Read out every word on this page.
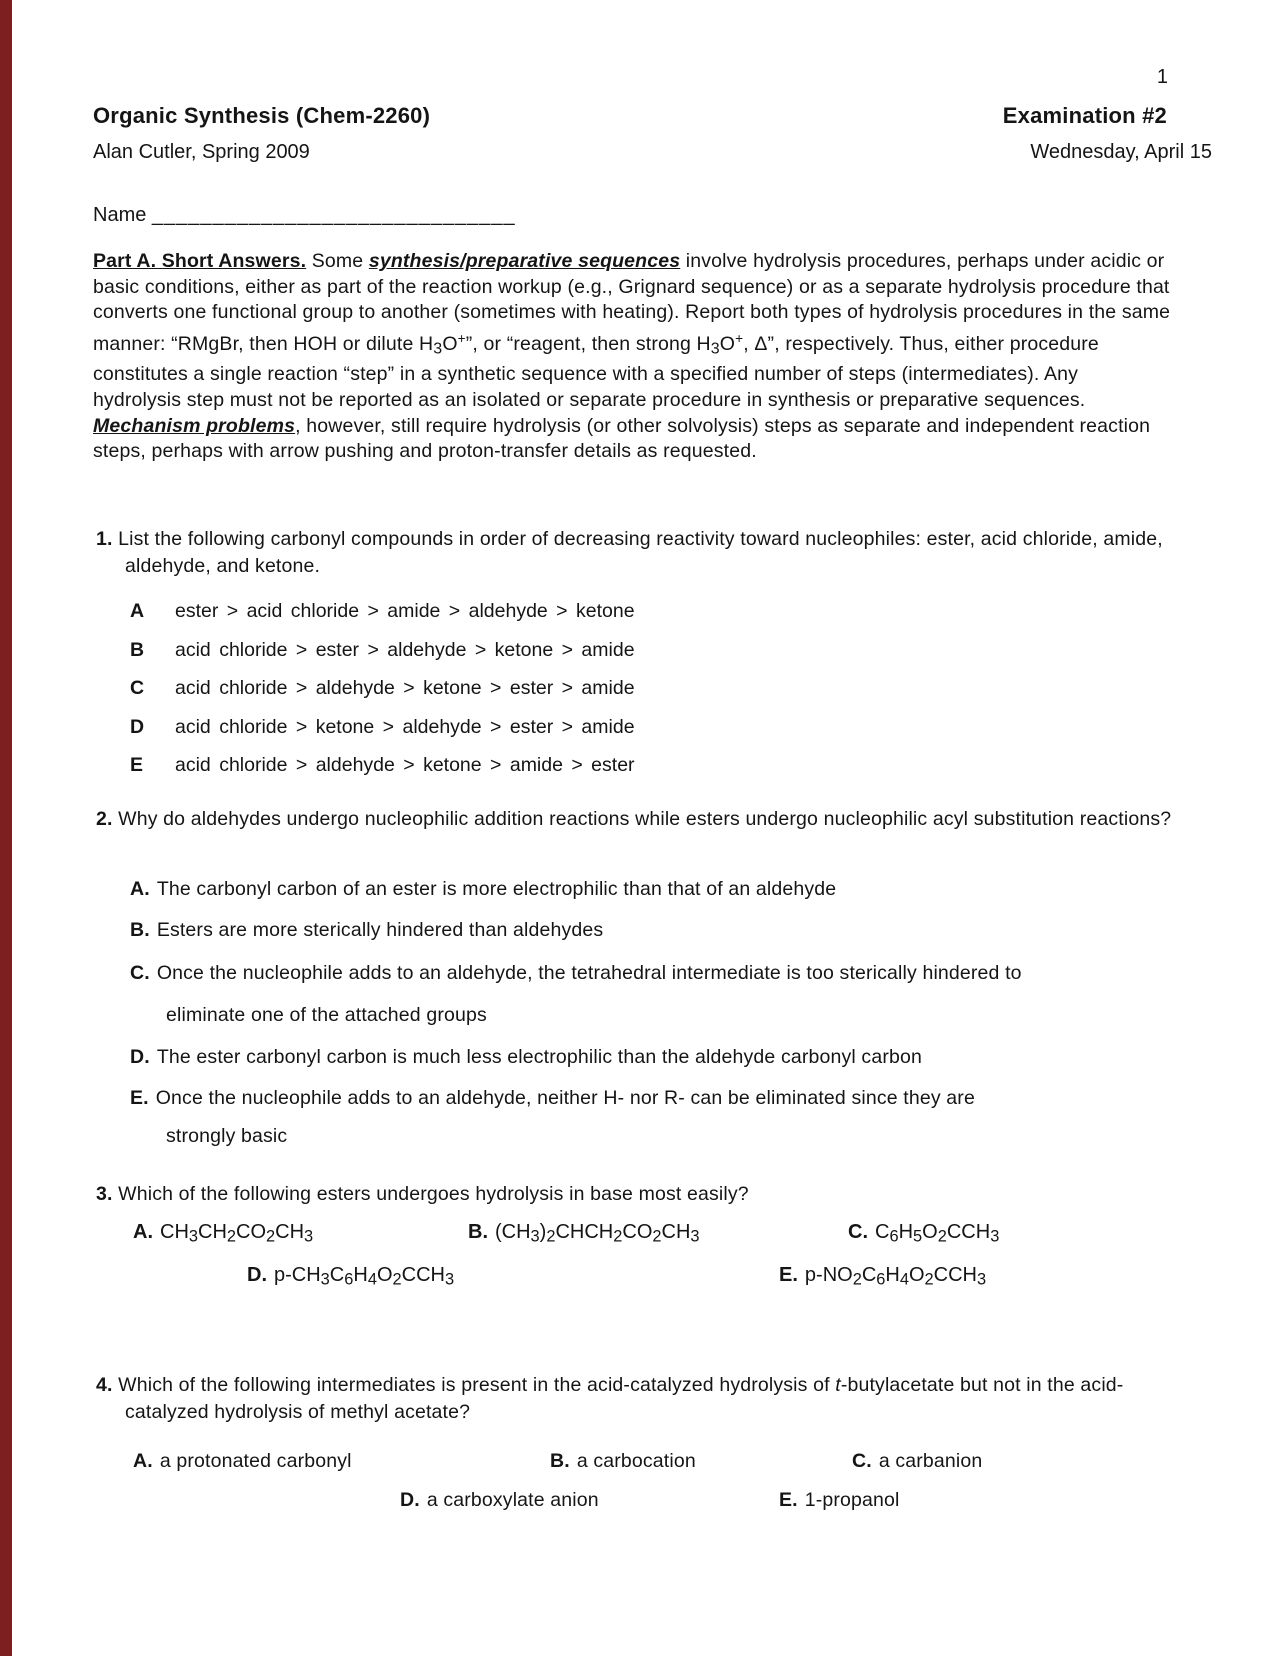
1
Organic Synthesis (Chem-2260)	Examination #2
Alan Cutler, Spring 2009	Wednesday, April 15
Name ______________________________
Part A. Short Answers. Some synthesis/preparative sequences involve hydrolysis procedures, perhaps under acidic or basic conditions, either as part of the reaction workup (e.g., Grignard sequence) or as a separate hydrolysis procedure that converts one functional group to another (sometimes with heating). Report both types of hydrolysis procedures in the same manner: “RMgBr, then HOH or dilute H3O+”, or “reagent, then strong H3O+, Δ”, respectively. Thus, either procedure constitutes a single reaction “step” in a synthetic sequence with a specified number of steps (intermediates). Any hydrolysis step must not be reported as an isolated or separate procedure in synthesis or preparative sequences. Mechanism problems, however, still require hydrolysis (or other solvolysis) steps as separate and independent reaction steps, perhaps with arrow pushing and proton-transfer details as requested.
1. List the following carbonyl compounds in order of decreasing reactivity toward nucleophiles: ester, acid chloride, amide, aldehyde, and ketone.
A ester > acid chloride > amide > aldehyde > ketone
B acid chloride > ester > aldehyde > ketone > amide
C acid chloride > aldehyde > ketone > ester > amide
D acid chloride > ketone > aldehyde > ester > amide
E acid chloride > aldehyde > ketone > amide > ester
2. Why do aldehydes undergo nucleophilic addition reactions while esters undergo nucleophilic acyl substitution reactions?
A. The carbonyl carbon of an ester is more electrophilic than that of an aldehyde
B. Esters are more sterically hindered than aldehydes
C. Once the nucleophile adds to an aldehyde, the tetrahedral intermediate is too sterically hindered to
eliminate one of the attached groups
D. The ester carbonyl carbon is much less electrophilic than the aldehyde carbonyl carbon
E. Once the nucleophile adds to an aldehyde, neither H- nor R- can be eliminated since they are
strongly basic
3. Which of the following esters undergoes hydrolysis in base most easily?
A. CH3CH2CO2CH3	B. (CH3)2CHCH2CO2CH3	C. C6H5O2CCH3
D. p-CH3C6H4O2CCH3	E. p-NO2C6H4O2CCH3
4. Which of the following intermediates is present in the acid-catalyzed hydrolysis of t-butylacetate but not in the acid-catalyzed hydrolysis of methyl acetate?
A. a protonated carbonyl	B. a carbocation	C. a carbanion
D. a carboxylate anion	E. 1-propanol
